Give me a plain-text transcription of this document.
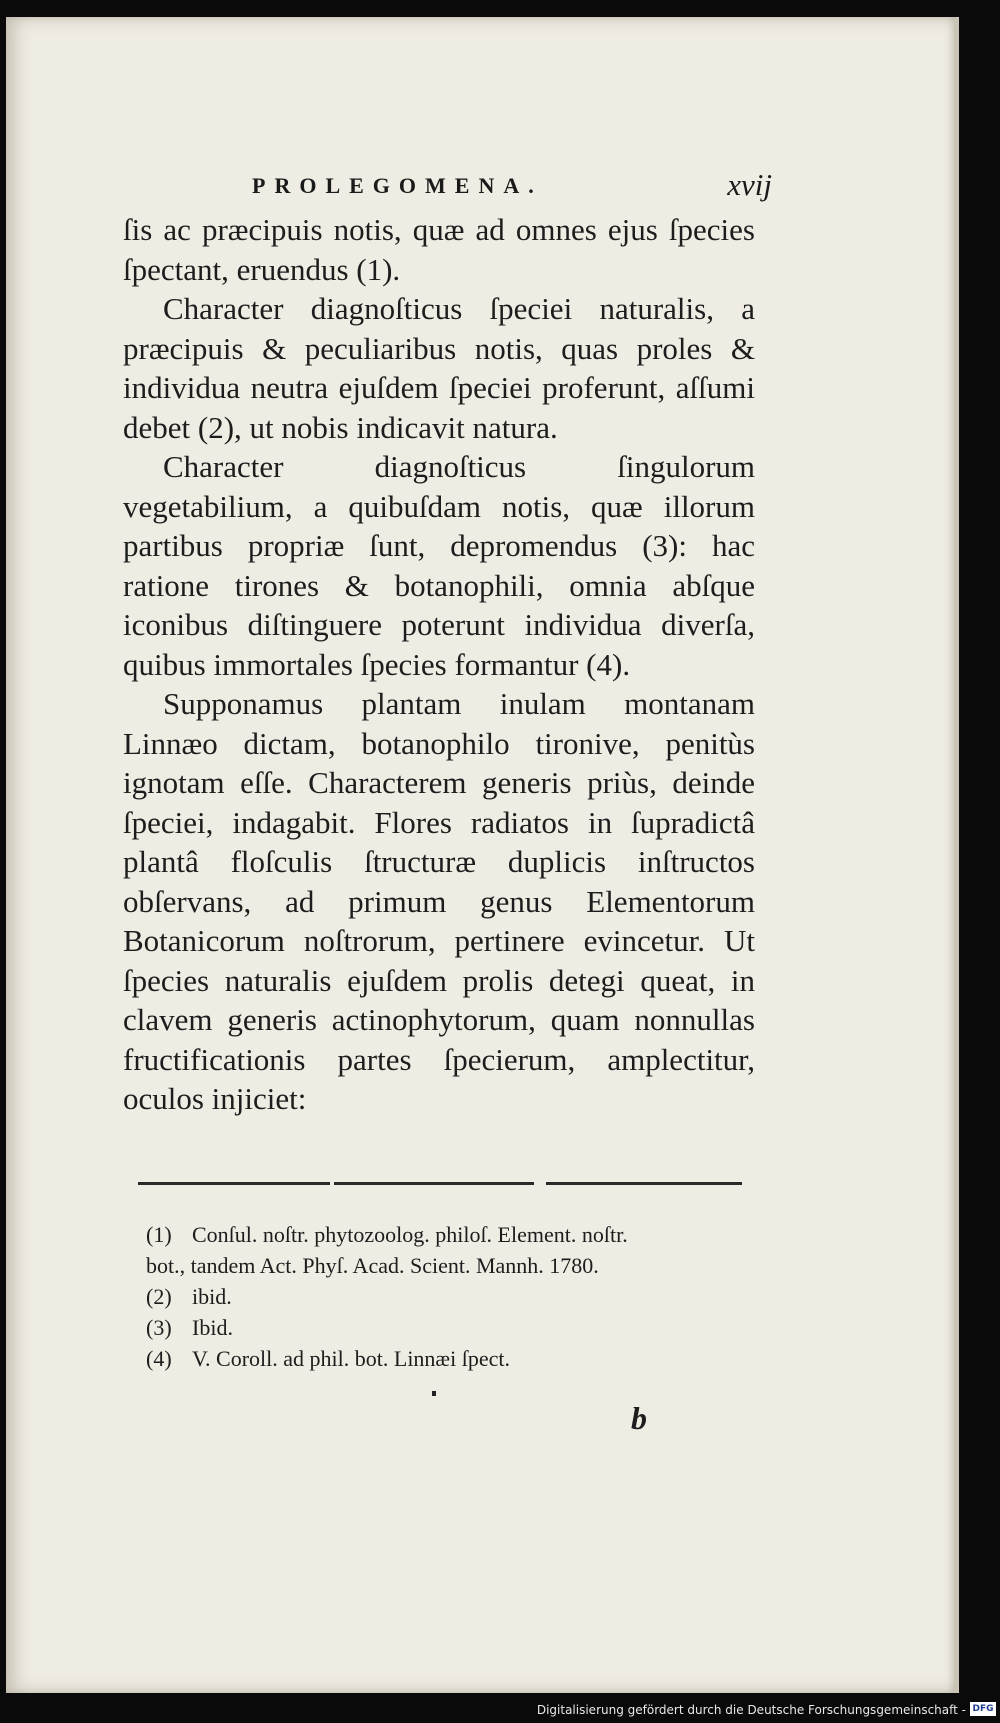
PROLEGOMENA.	xvij

ſis ac præcipuis notis, quæ ad omnes ejus ſpecies ſpectant, eruendus (1).

Character diagnoſticus ſpeciei naturalis, a præcipuis & peculiaribus notis, quas proles & individua neutra ejuſdem ſpeciei proferunt, aſſumi debet (2), ut nobis indicavit natura.

Character diagnoſticus ſingulorum vegetabilium, a quibuſdam notis, quæ illorum partibus propriæ ſunt, depromendus (3): hac ratione tirones & botanophili, omnia abſque iconibus diſtinguere poterunt individua diverſa, quibus immortales ſpecies formantur (4).

Supponamus plantam inulam montanam Linnæo dictam, botanophilo tironive, penitùs ignotam eſſe. Characterem generis priùs, deinde ſpeciei, indagabit. Flores radiatos in ſupradictâ plantâ floſculis ſtructuræ duplicis inſtructos obſervans, ad primum genus Elementorum Botanicorum noſtrorum, pertinere evincetur. Ut ſpecies naturalis ejuſdem prolis detegi queat, in clavem generis actinophytorum, quam nonnullas fructificationis partes ſpecierum, amplectitur, oculos injiciet:

(1) Conſul. noſtr. phytozoolog. philoſ. Element. noſtr.
bot., tandem Act. Phyſ. Acad. Scient. Mannh. 1780.
(2) ibid.
(3) Ibid.
(4) V. Coroll. ad phil. bot. Linnæi ſpect.
b
Digitalisierung gefördert durch die Deutsche Forschungsgemeinschaft - DFG
